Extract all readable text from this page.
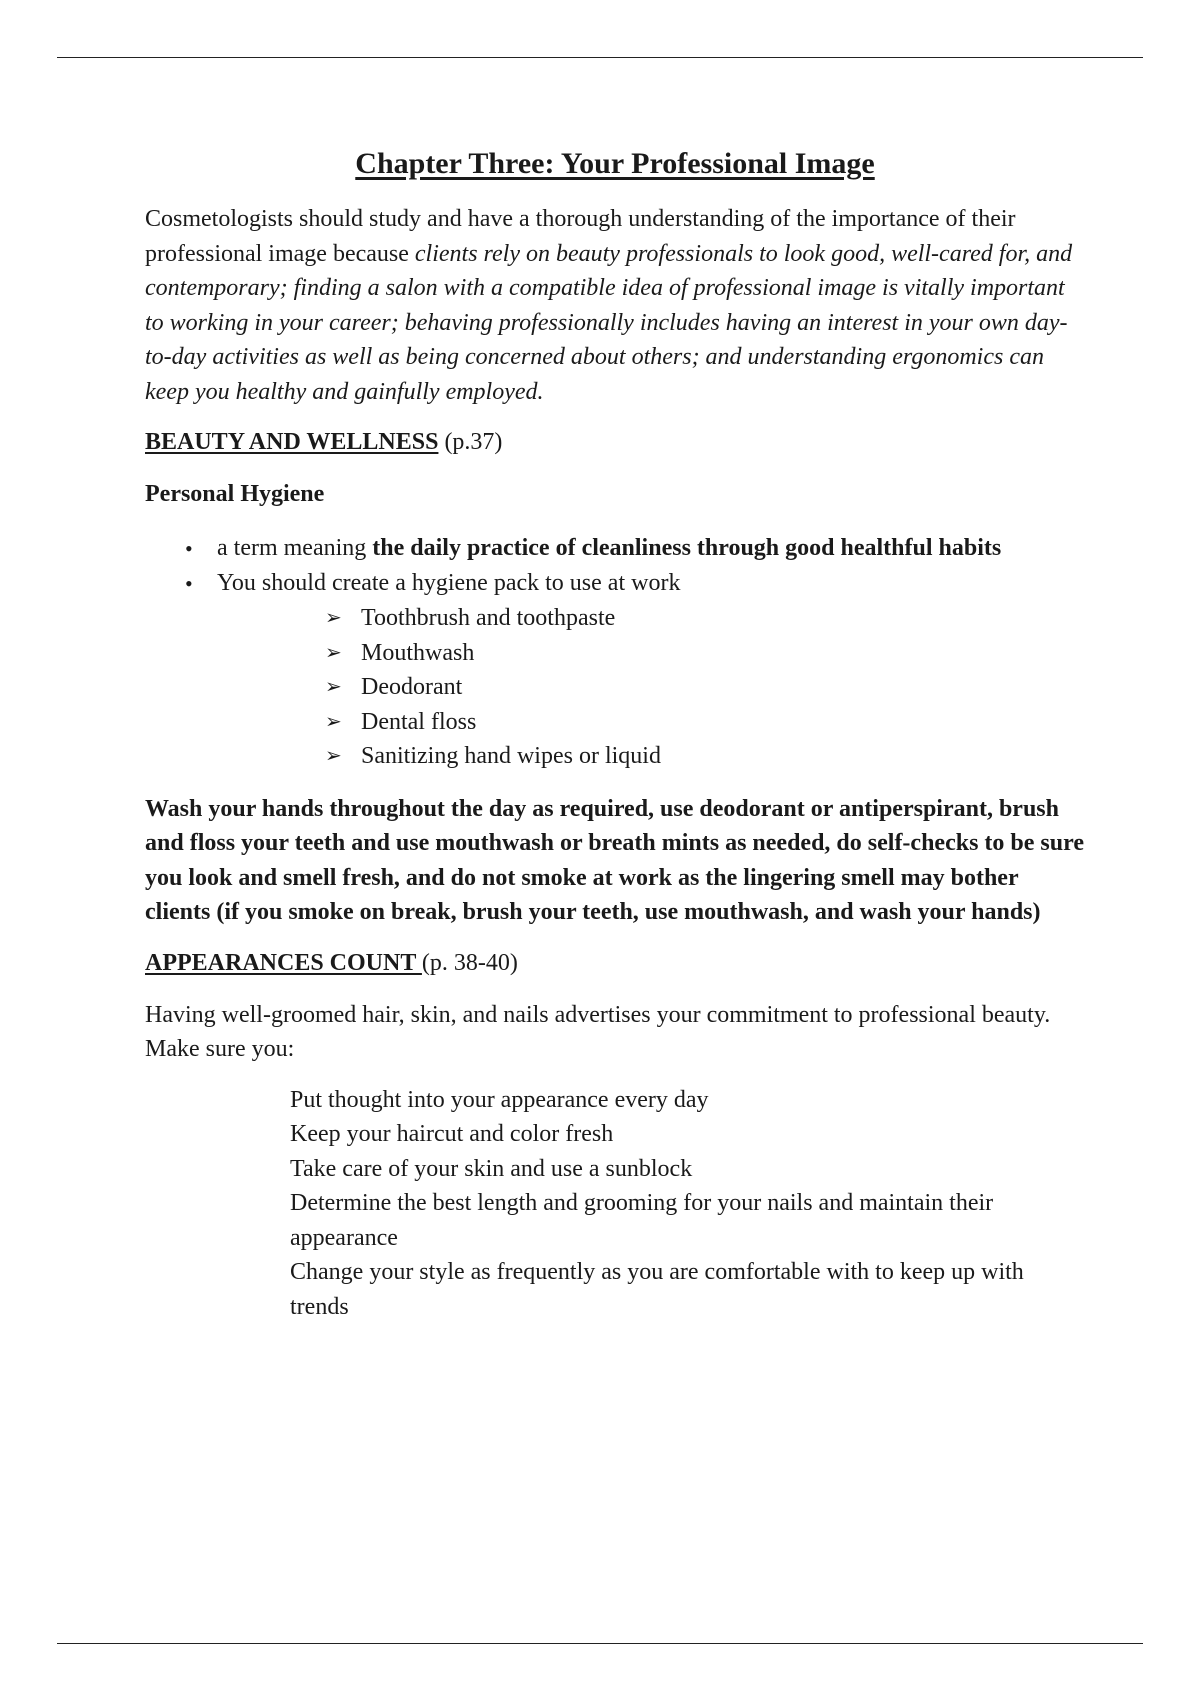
Chapter Three: Your Professional Image

Cosmetologists should study and have a thorough understanding of the importance of their professional image because clients rely on beauty professionals to look good, well-cared for, and contemporary; finding a salon with a compatible idea of professional image is vitally important to working in your career; behaving professionally includes having an interest in your own day-to-day activities as well as being concerned about others; and understanding ergonomics can keep you healthy and gainfully employed.

BEAUTY AND WELLNESS (p.37)

Personal Hygiene

• a term meaning the daily practice of cleanliness through good healthful habits
• You should create a hygiene pack to use at work
➢ Toothbrush and toothpaste
➢ Mouthwash
➢ Deodorant
➢ Dental floss
➢ Sanitizing hand wipes or liquid

Wash your hands throughout the day as required, use deodorant or antiperspirant, brush and floss your teeth and use mouthwash or breath mints as needed, do self-checks to be sure you look and smell fresh, and do not smoke at work as the lingering smell may bother clients (if you smoke on break, brush your teeth, use mouthwash, and wash your hands)

APPEARANCES COUNT (p. 38-40)

Having well-groomed hair, skin, and nails advertises your commitment to professional beauty. Make sure you:

Put thought into your appearance every day
Keep your haircut and color fresh
Take care of your skin and use a sunblock
Determine the best length and grooming for your nails and maintain their appearance
Change your style as frequently as you are comfortable with to keep up with trends
